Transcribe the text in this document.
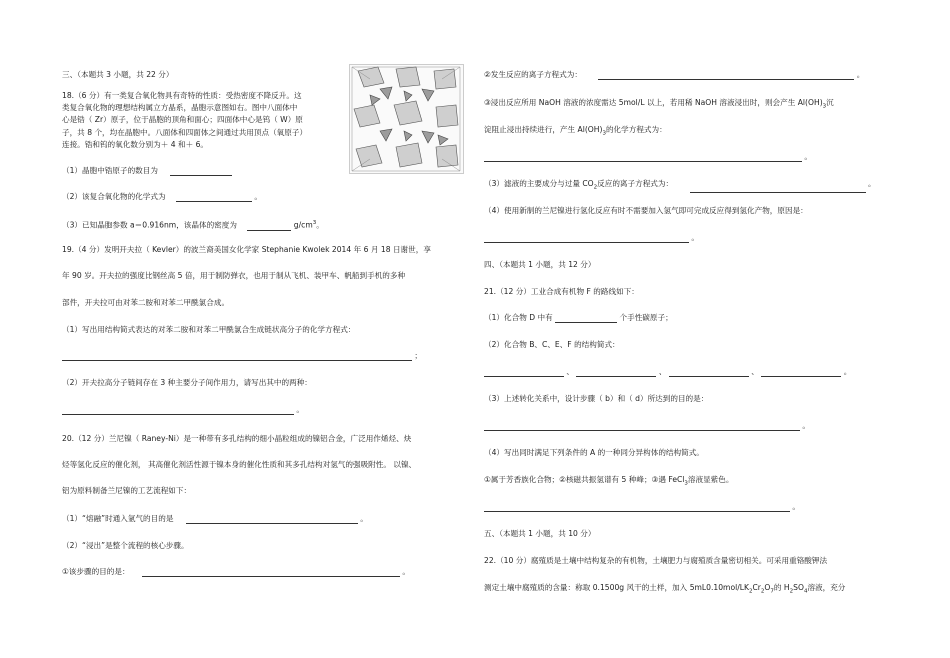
三、（本题共 3 小题，共 22 分）
18.（6 分）有一类复合氧化物具有奇特的性质：受热密度不降反升。这
类复合氧化物的理想结构属立方晶系，晶胞示意图如右。图中八面体中
心是锆（ Zr）原子，位于晶胞的顶角和面心；四面体中心是钨（ W）原
子，共 8 个，均在晶胞中。八面体和四面体之间通过共用顶点（氧原子）
连接。锆和钨的氧化数分别为＋ 4 和＋ 6。
（1）晶胞中锆原子的数目为
（2）该复合氧化物的化学式为	。
（3）已知晶胞参数 a＝0.916nm，该晶体的密度为	$g/cm^3$。
19.（4 分）发明开夫拉（ Kevler）的波兰裔美国女化学家 Stephanie Kwolek 2014 年 6 月 18 日谢世，享
年 90 岁。开夫拉的强度比钢丝高 5 倍，用于制防弹衣，也用于制从飞机、装甲车、帆船到手机的多种
部件，开夫拉可由对苯二胺和对苯二甲酰氯合成。
（1）写出用结构简式表达的对苯二胺和对苯二甲酰氯合生成链状高分子的化学方程式：
；
（2）开夫拉高分子链间存在 3 种主要分子间作用力，请写出其中的两种：
。
20.（12 分）兰尼镍（ Raney-Ni）是一种带有多孔结构的细小晶粒组成的镍铝合金，广泛用作烯烃、炔
烃等氢化反应的催化剂， 其高催化剂活性源于镍本身的催化性质和其多孔结构对氢气的强吸附性。 以镍、
铝为原料制备兰尼镍的工艺流程如下：
（1）“熔融”时通入氩气的目的是	。
（2）“浸出”是整个流程的核心步骤。
①该步骤的目的是：	。
②发生反应的离子方程式为：	。
③浸出反应所用 NaOH 溶液的浓度需达 5mol/L 以上，若用稀 NaOH 溶液浸出时，则会产生 $Al(OH)_3$沉
淀阻止浸出持续进行，产生 $Al(OH)_3$的化学方程式为：
。
（3）滤液的主要成分与过量 $CO_2$反应的离子方程式为：	。
（4）使用新制的兰尼镍进行氢化反应有时不需要加入氢气即可完成反应得到氢化产物，原因是：
。
四、（本题共 1 小题，共 12 分）
21.（12 分）工业合成有机物 F 的路线如下：
（1）化合物 D 中有	个手性碳原子；
（2）化合物 B、C、E、F 的结构简式：
、	、	、	。
（3）上述转化关系中，设计步骤（ b）和（ d）所达到的目的是：
。
（4）写出同时满足下列条件的 A 的一种同分异构体的结构简式。
①属于芳香族化合物；②核磁共振氢谱有 5 种峰；③遇 FeCl$_3$溶液显紫色。
。
五、（本题共 1 小题，共 10 分）
22.（10 分）腐殖质是土壤中结构复杂的有机物，土壤肥力与腐殖质含量密切相关。可采用重铬酸钾法
测定土壤中腐殖质的含量：称取 0.1500g 风干的土样，加入 $5mL0.10mol/LK_2Cr_2O_7$的 $H_2SO_4$溶液，充分
